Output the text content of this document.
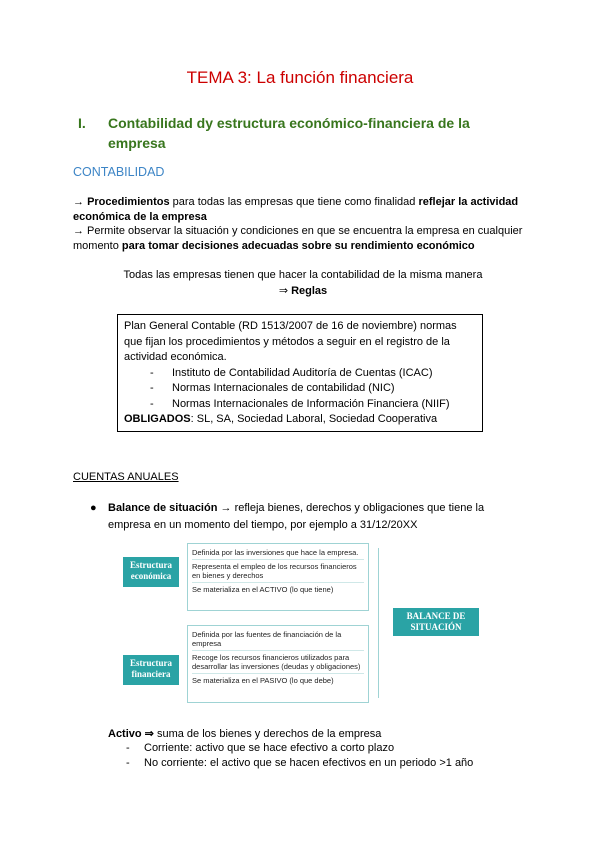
TEMA 3: La función financiera
I. Contabilidad dy estructura económico-financiera de la empresa
CONTABILIDAD
→ Procedimientos para todas las empresas que tiene como finalidad reflejar la actividad económica de la empresa
→ Permite observar la situación y condiciones en que se encuentra la empresa en cualquier momento para tomar decisiones adecuadas sobre su rendimiento económico
Todas las empresas tienen que hacer la contabilidad de la misma manera
⇒ Reglas
Plan General Contable (RD 1513/2007 de 16 de noviembre) normas que fijan los procedimientos y métodos a seguir en el registro de la actividad económica.
- Instituto de Contabilidad Auditoría de Cuentas (ICAC)
- Normas Internacionales de contabilidad (NIC)
- Normas Internacionales de Información Financiera (NIIF)
OBLIGADOS: SL, SA, Sociedad Laboral, Sociedad Cooperativa
CUENTAS ANUALES
●	Balance de situación → refleja bienes, derechos y obligaciones que tiene la empresa en un momento del tiempo, por ejemplo a 31/12/20XX
Estructura económica
Definida por las inversiones que hace la empresa.
Representa el empleo de los recursos financieros en bienes y derechos
Se materializa en el ACTIVO (lo que tiene)
Estructura financiera
Definida por las fuentes de financiación de la empresa
Recoge los recursos financieros utilizados para desarrollar las inversiones (deudas y obligaciones)
Se materializa en el PASIVO (lo que debe)
BALANCE DE SITUACIÓN
Activo ⇒ suma de los bienes y derechos de la empresa
- Corriente: activo que se hace efectivo a corto plazo
- No corriente: el activo que se hacen efectivos en un periodo >1 año
